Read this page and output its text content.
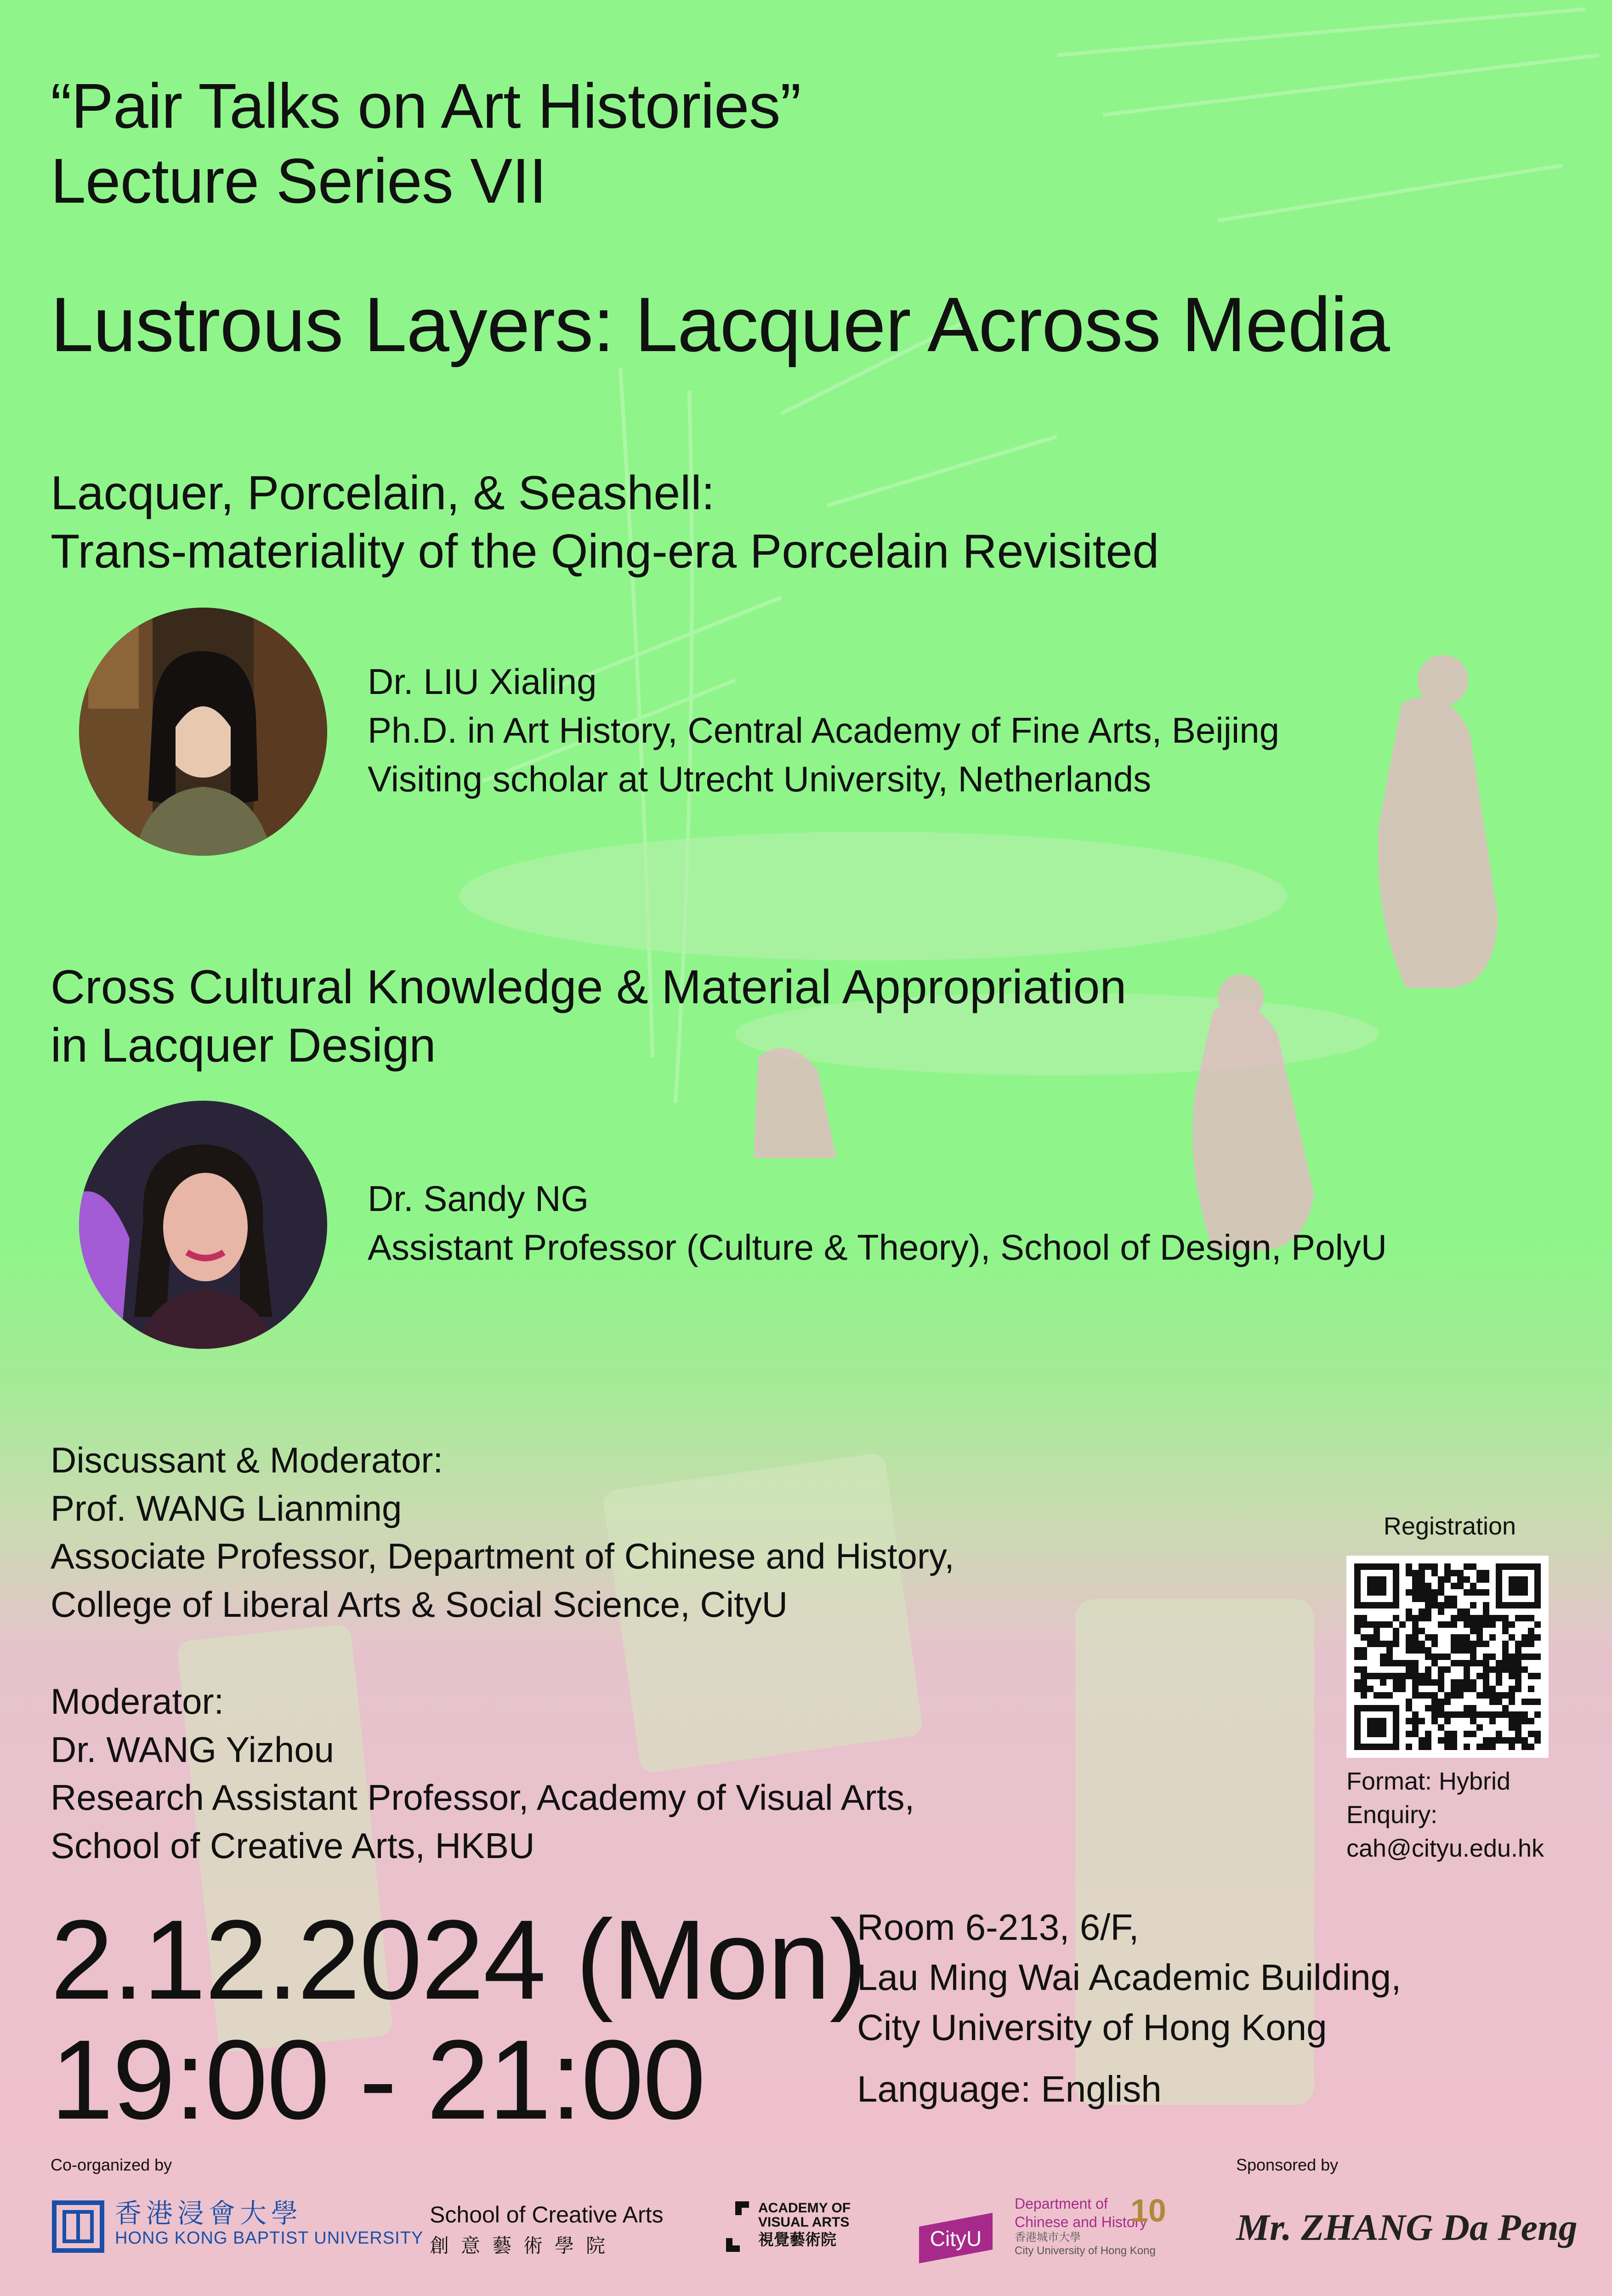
“Pair Talks on Art Histories”
Lecture Series VII
Lustrous Layers: Lacquer Across Media
Lacquer, Porcelain, & Seashell:
Trans-materiality of the Qing-era Porcelain Revisited
Dr. LIU Xialing
Ph.D. in Art History, Central Academy of Fine Arts, Beijing
Visiting scholar at Utrecht University, Netherlands
Cross Cultural Knowledge & Material Appropriation
in Lacquer Design
Dr. Sandy NG
Assistant Professor (Culture & Theory), School of Design, PolyU
Discussant & Moderator:
Prof. WANG Lianming
Associate Professor, Department of Chinese and History,
College of Liberal Arts & Social Science, CityU
Moderator:
Dr. WANG Yizhou
Research Assistant Professor, Academy of Visual Arts,
School of Creative Arts, HKBU
Registration
Format: Hybrid
Enquiry:
cah@cityu.edu.hk
2.12.2024 (Mon)
19:00 - 21:00
Room 6-213, 6/F,
Lau Ming Wai Academic Building,
City University of Hong Kong
Language: English
Co-organized by	Sponsored by
香港浸會大學
HONG KONG BAPTIST UNIVERSITY
School of Creative Arts
創意藝術學院
ACADEMY OF
VISUAL ARTS
視覺藝術院	CityU
Department of
Chinese and History
香港城市大學
City University of Hong Kong
10 Mr. ZHANG Da Peng
